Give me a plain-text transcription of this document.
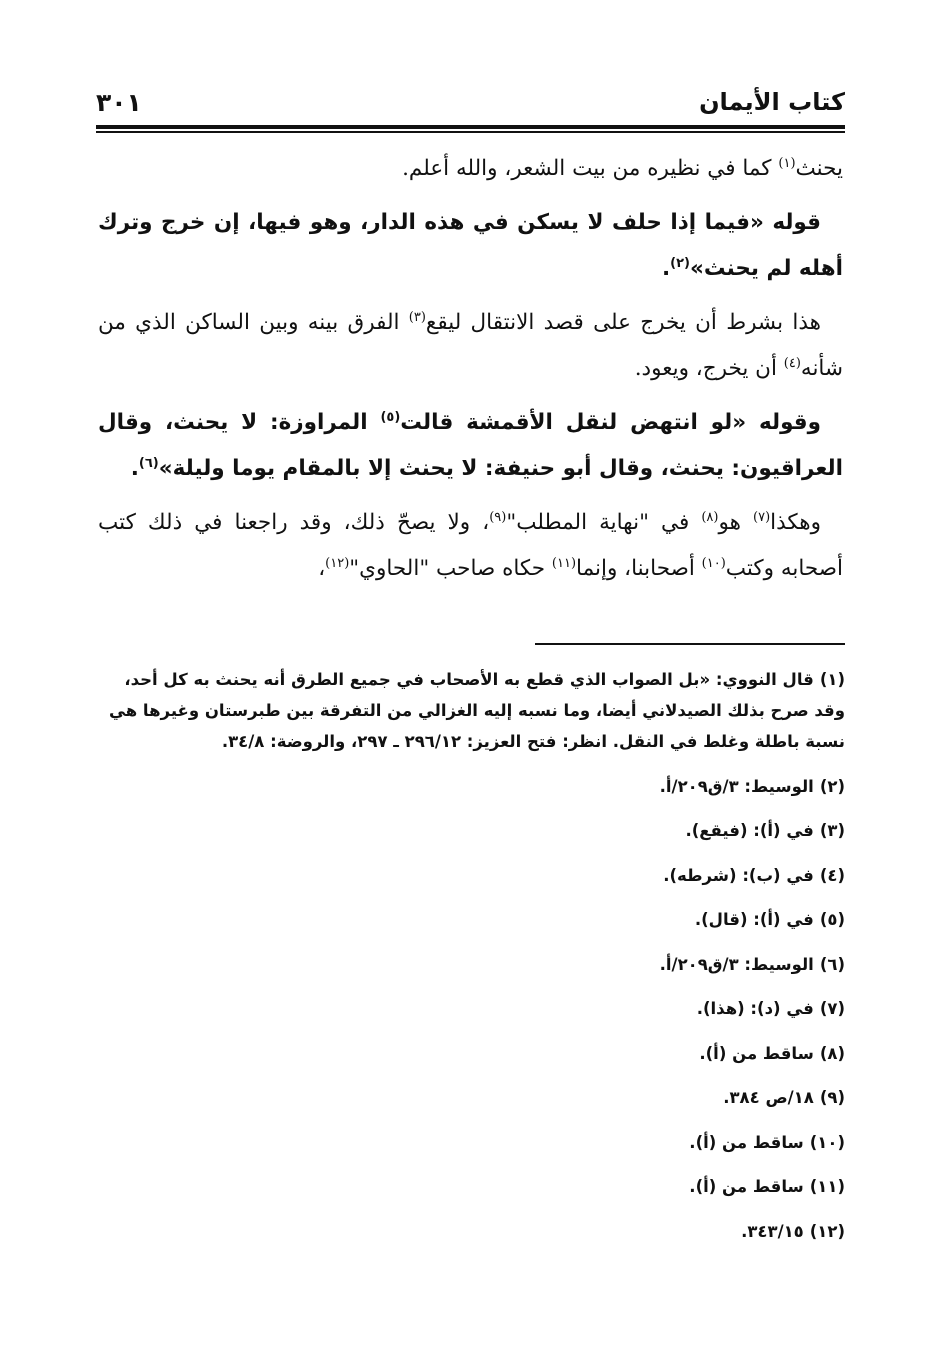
كتاب الأيمان
٣٠١

يحنث$^{(١)}$ كما في نظيره من بيت الشعر، والله أعلم.

قوله «فيما إذا حلف لا يسكن في هذه الدار، وهو فيها، إن خرج وترك أهله لم يحنث»$^{(٢)}$.

هذا بشرط أن يخرج على قصد الانتقال ليقع$^{(٣)}$ الفرق بينه وبين الساكن الذي من شأنه$^{(٤)}$ أن يخرج، ويعود.

وقوله «لو انتهض لنقل الأقمشة قالت$^{(٥)}$ المراوزة: لا يحنث، وقال العراقيون: يحنث، وقال أبو حنيفة: لا يحنث إلا بالمقام يوما وليلة»$^{(٦)}$.

وهكذا$^{(٧)}$ هو$^{(٨)}$ في "نهاية المطلب"$^{(٩)}$، ولا يصحّ ذلك، وقد راجعنا في ذلك كتب أصحابه وكتب$^{(١٠)}$ أصحابنا، وإنما$^{(١١)}$ حكاه صاحب "الحاوي"$^{(١٢)}$،

(١)قال النووي: «بل الصواب الذي قطع به الأصحاب في جميع الطرق أنه يحنث به كل أحد، وقد صرح بذلك الصيدلاني أيضا، وما نسبه إليه الغزالي من التفرقة بين طبرستان وغيرها هي نسبة باطلة وغلط في النقل. انظر: فتح العزيز: ٢٩٦/١٢ ـ ٢٩٧، والروضة: ٣٤/٨.
(٢)الوسيط: ٣/ق٢٠٩/أ.
(٣)في (أ): (فيقع).
(٤)في (ب): (شرطه).
(٥)في (أ): (قال).
(٦)الوسيط: ٣/ق٢٠٩/أ.
(٧)في (د): (هذا).
(٨)ساقط من (أ).
(٩)١٨/ص ٣٨٤.
(١٠)ساقط من (أ).
(١١)ساقط من (أ).
(١٢)٣٤٣/١٥.
